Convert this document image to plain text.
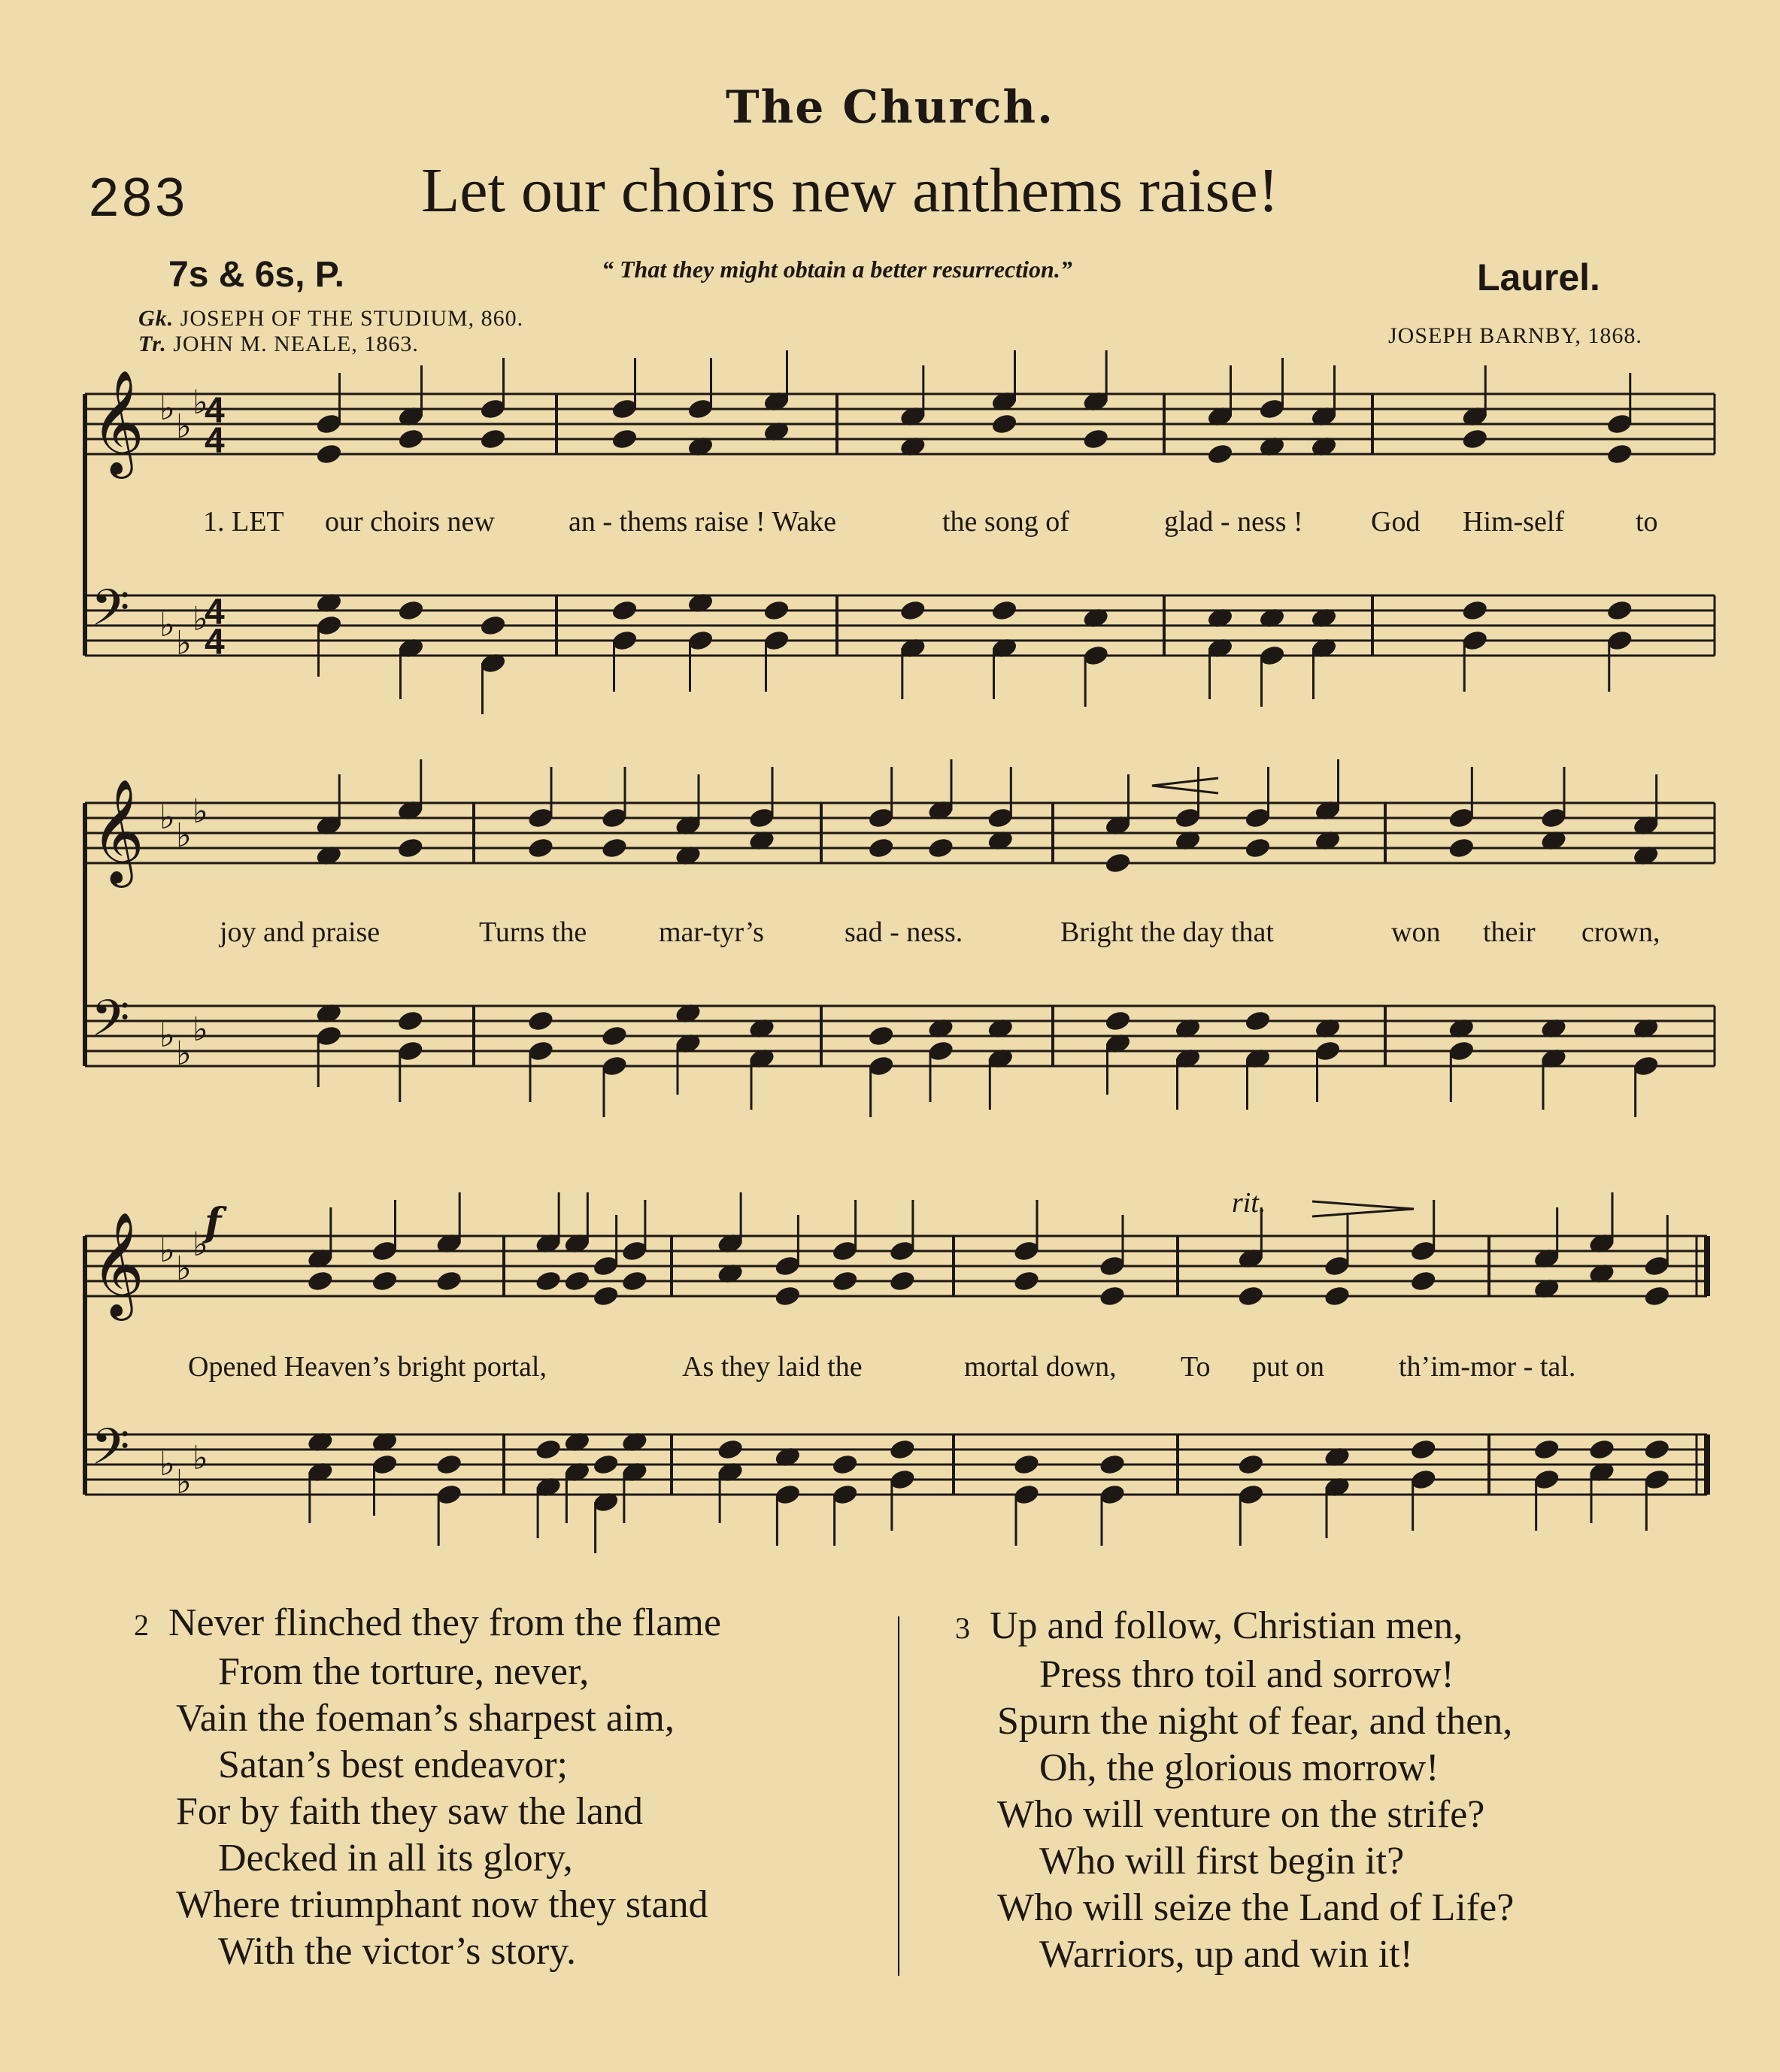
The Church.
283	Let our choirs new anthems raise!
7s & 6s, P.	“ That they might obtain a better resurrection.”	Laurel.
Gk. JOSEPH OF THE STUDIUM, 860.
Tr. JOHN M. NEALE, 1863.	JOSEPH BARNBY, 1868.
𝄞 ♭ ♭
♭
4
4
𝄢 ♭ ♭
♭
4
4
𝄞 ♭ ♭
♭
𝄢 ♭ ♭
♭
𝄞 ♭ ♭
♭
𝄢 ♭ ♭
♭
f	rit.
1. LET our choirs new	an - thems raise ! Wake	the song of	glad - ness ! God Him-self to
joy and praise	Turns the	mar-tyr’s	sad - ness.	Bright the day that	won their crown,
Opened Heaven’s bright portal,	As they laid the	mortal down, To put on	th’im-mor - tal.
2 Never flinched they from the flame
From the torture, never,
Vain the foeman’s sharpest aim,
Satan’s best endeavor;
For by faith they saw the land
Decked in all its glory,
Where triumphant now they stand
With the victor’s story.
3 Up and follow, Christian men,
Press thro toil and sorrow!
Spurn the night of fear, and then,
Oh, the glorious morrow!
Who will venture on the strife?
Who will first begin it?
Who will seize the Land of Life?
Warriors, up and win it!
